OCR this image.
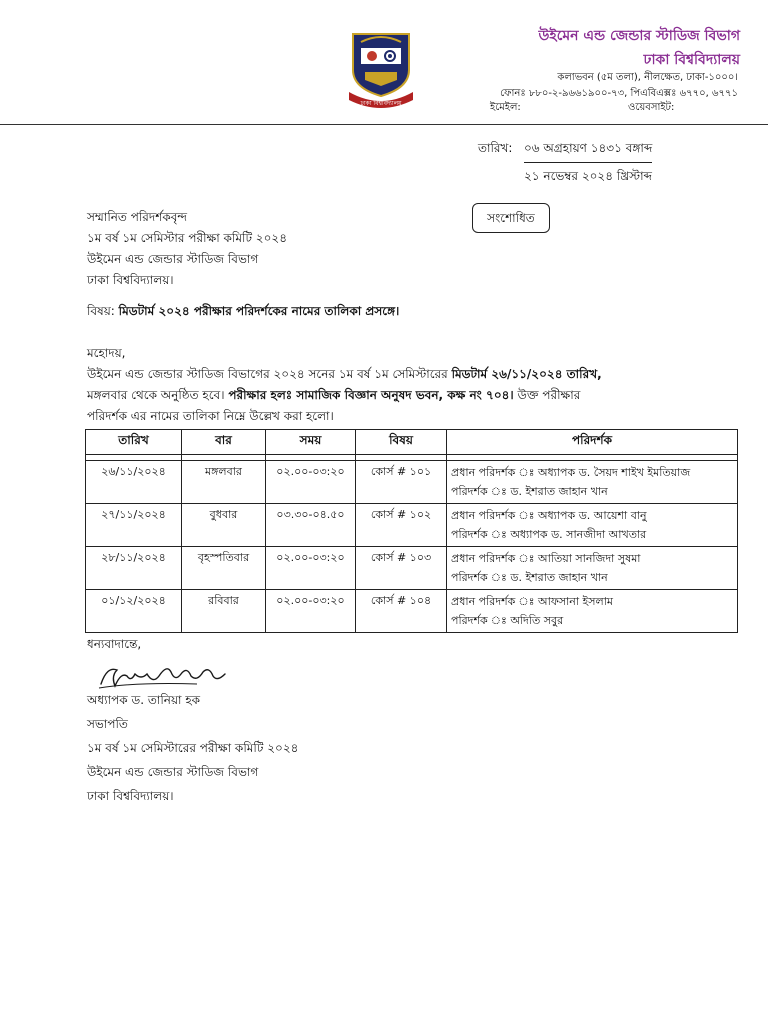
ঢাকা বিশ্ববিদ্যালয়
উইমেন এন্ড জেন্ডার স্টাডিজ বিভাগ
ঢাকা বিশ্ববিদ্যালয়
কলাভবন (৫ম তলা), নীলক্ষেত, ঢাকা-১০০০।
ফোনঃ ৮৮০-২-৯৬৬১৯০০-৭৩, পিএবিএক্সঃ ৬৭৭০, ৬৭৭১
ইমেইল:	ওয়েবসাইট:
তারিখ: ০৬ অগ্রহায়ণ ১৪৩১ বঙ্গাব্দ
২১ নভেম্বর ২০২৪ খ্রিস্টাব্দ
সংশোধিত
সম্মানিত পরিদর্শকবৃন্দ
১ম বর্ষ ১ম সেমিস্টার পরীক্ষা কমিটি ২০২৪
উইমেন এন্ড জেন্ডার স্টাডিজ বিভাগ
ঢাকা বিশ্ববিদ্যালয়।
বিষয়: মিডটার্ম ২০২৪ পরীক্ষার পরিদর্শকের নামের তালিকা প্রসঙ্গে।
মহোদয়,
উইমেন এন্ড জেন্ডার স্টাডিজ বিভাগের ২০২৪ সনের ১ম বর্ষ ১ম সেমিস্টারের মিডটার্ম ২৬/১১/২০২৪ তারিখ,
মঙ্গলবার থেকে অনুষ্ঠিত হবে। পরীক্ষার হলঃ সামাজিক বিজ্ঞান অনুষদ ভবন, কক্ষ নং ৭০৪। উক্ত পরীক্ষার
পরিদর্শক এর নামের তালিকা নিম্নে উল্লেখ করা হলো।
তারিখ	বার	সময়	বিষয়	পরিদর্শক

২৬/১১/২০২৪	মঙ্গলবার	০২.০০-০৩:২০	কোর্স # ১০১	প্রধান পরিদর্শক ঃ অধ্যাপক ড. সৈয়দ শাইখ ইমতিয়াজ
পরিদর্শক ঃ ড. ইশরাত জাহান খান

২৭/১১/২০২৪	বুধবার	০৩.৩০-০৪.৫০	কোর্স # ১০২	প্রধান পরিদর্শক ঃ অধ্যাপক ড. আয়েশা বানু
পরিদর্শক ঃ অধ্যাপক ড. সানজীদা আখতার

২৮/১১/২০২৪	বৃহস্পতিবার	০২.০০-০৩:২০	কোর্স # ১০৩	প্রধান পরিদর্শক ঃ আতিয়া সানজিদা সুষমা
পরিদর্শক ঃ ড. ইশরাত জাহান খান

০১/১২/২০২৪	রবিবার	০২.০০-০৩:২০	কোর্স # ১০৪	প্রধান পরিদর্শক ঃ আফসানা ইসলাম
পরিদর্শক ঃ অদিতি সবুর
ধন্যবাদান্তে,
অধ্যাপক ড. তানিয়া হক
সভাপতি
১ম বর্ষ ১ম সেমিস্টারের পরীক্ষা কমিটি ২০২৪
উইমেন এন্ড জেন্ডার স্টাডিজ বিভাগ
ঢাকা বিশ্ববিদ্যালয়।
